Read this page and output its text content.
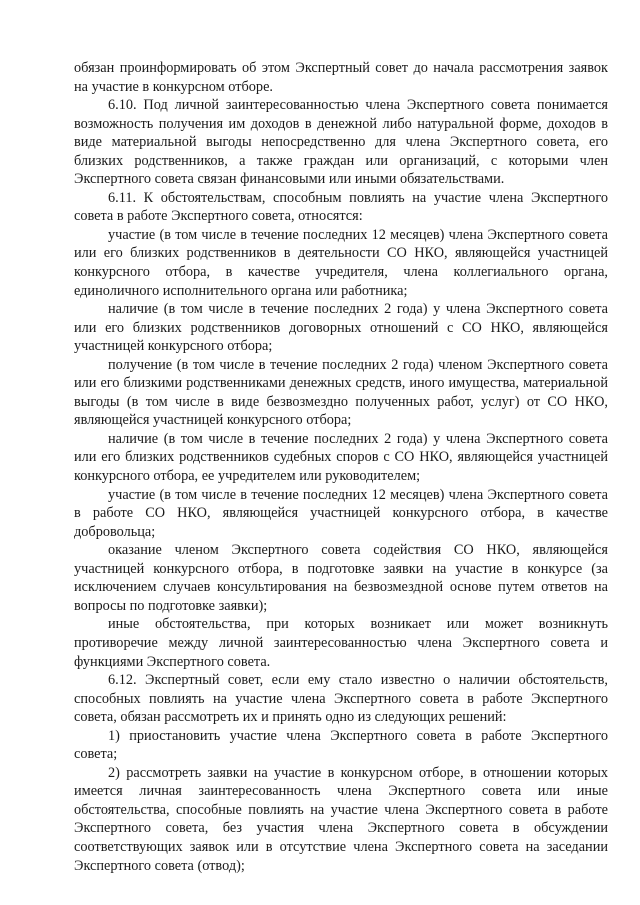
обязан проинформировать об этом Экспертный совет до начала рассмотрения заявок на участие в конкурсном отборе.

6.10. Под личной заинтересованностью члена Экспертного совета понимается возможность получения им доходов в денежной либо натуральной форме, доходов в виде материальной выгоды непосредственно для члена Экспертного совета, его близких родственников, а также граждан или организаций, с которыми член Экспертного совета связан финансовыми или иными обязательствами.

6.11. К обстоятельствам, способным повлиять на участие члена Экспертного совета в работе Экспертного совета, относятся:

участие (в том числе в течение последних 12 месяцев) члена Экспертного совета или его близких родственников в деятельности СО НКО, являющейся участницей конкурсного отбора, в качестве учредителя, члена коллегиального органа, единоличного исполнительного органа или работника;

наличие (в том числе в течение последних 2 года) у члена Экспертного совета или его близких родственников договорных отношений с СО НКО, являющейся участницей конкурсного отбора;

получение (в том числе в течение последних 2 года) членом Экспертного совета или его близкими родственниками денежных средств, иного имущества, материальной выгоды (в том числе в виде безвозмездно полученных работ, услуг) от СО НКО, являющейся участницей конкурсного отбора;

наличие (в том числе в течение последних 2 года) у члена Экспертного совета или его близких родственников судебных споров с СО НКО, являющейся участницей конкурсного отбора, ее учредителем или руководителем;

участие (в том числе в течение последних 12 месяцев) члена Экспертного совета в работе СО НКО, являющейся участницей конкурсного отбора, в качестве добровольца;

оказание членом Экспертного совета содействия СО НКО, являющейся участницей конкурсного отбора, в подготовке заявки на участие в конкурсе (за исключением случаев консультирования на безвозмездной основе путем ответов на вопросы по подготовке заявки);

иные обстоятельства, при которых возникает или может возникнуть противоречие между личной заинтересованностью члена Экспертного совета и функциями Экспертного совета.

6.12. Экспертный совет, если ему стало известно о наличии обстоятельств, способных повлиять на участие члена Экспертного совета в работе Экспертного совета, обязан рассмотреть их и принять одно из следующих решений:

1) приостановить участие члена Экспертного совета в работе Экспертного совета;

2) рассмотреть заявки на участие в конкурсном отборе, в отношении которых имеется личная заинтересованность члена Экспертного совета или иные обстоятельства, способные повлиять на участие члена Экспертного совета в работе Экспертного совета, без участия члена Экспертного совета в обсуждении соответствующих заявок или в отсутствие члена Экспертного совета на заседании Экспертного совета (отвод);
